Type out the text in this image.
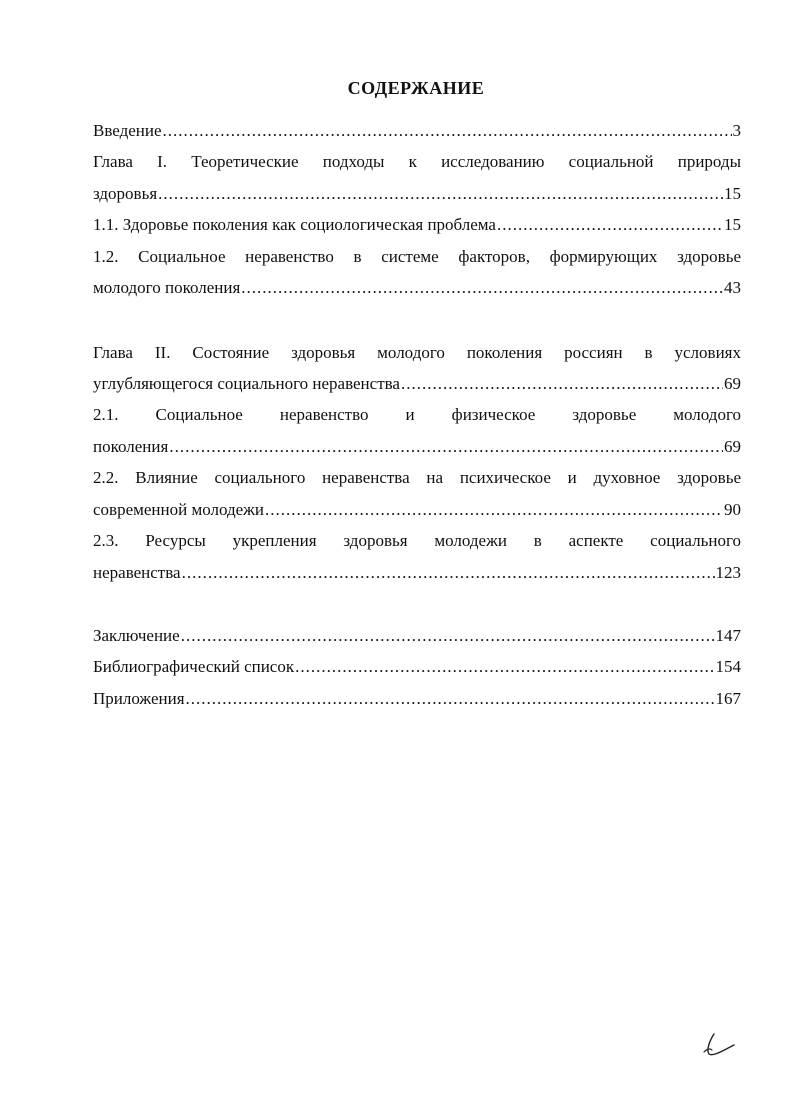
СОДЕРЖАНИЕ
Введение .....	3
Глава I. Теоретические подходы к исследованию социальной природы
здоровья .....	15
1.1. Здоровье поколения как социологическая проблема .....	15
1.2. Социальное неравенство в системе факторов, формирующих здоровье
молодого поколения .....	43
Глава II. Состояние здоровья молодого поколения россиян в условиях
углубляющегося социального неравенства .....	69
2.1. Социальное неравенство и физическое здоровье молодого
поколения .....	69
2.2. Влияние социального неравенства на психическое и духовное здоровье
современной молодежи .....	90
2.3. Ресурсы укрепления здоровья молодежи в аспекте социального
неравенства .....	123
Заключение .....	147
Библиографический список .....	154
Приложения .....	167
